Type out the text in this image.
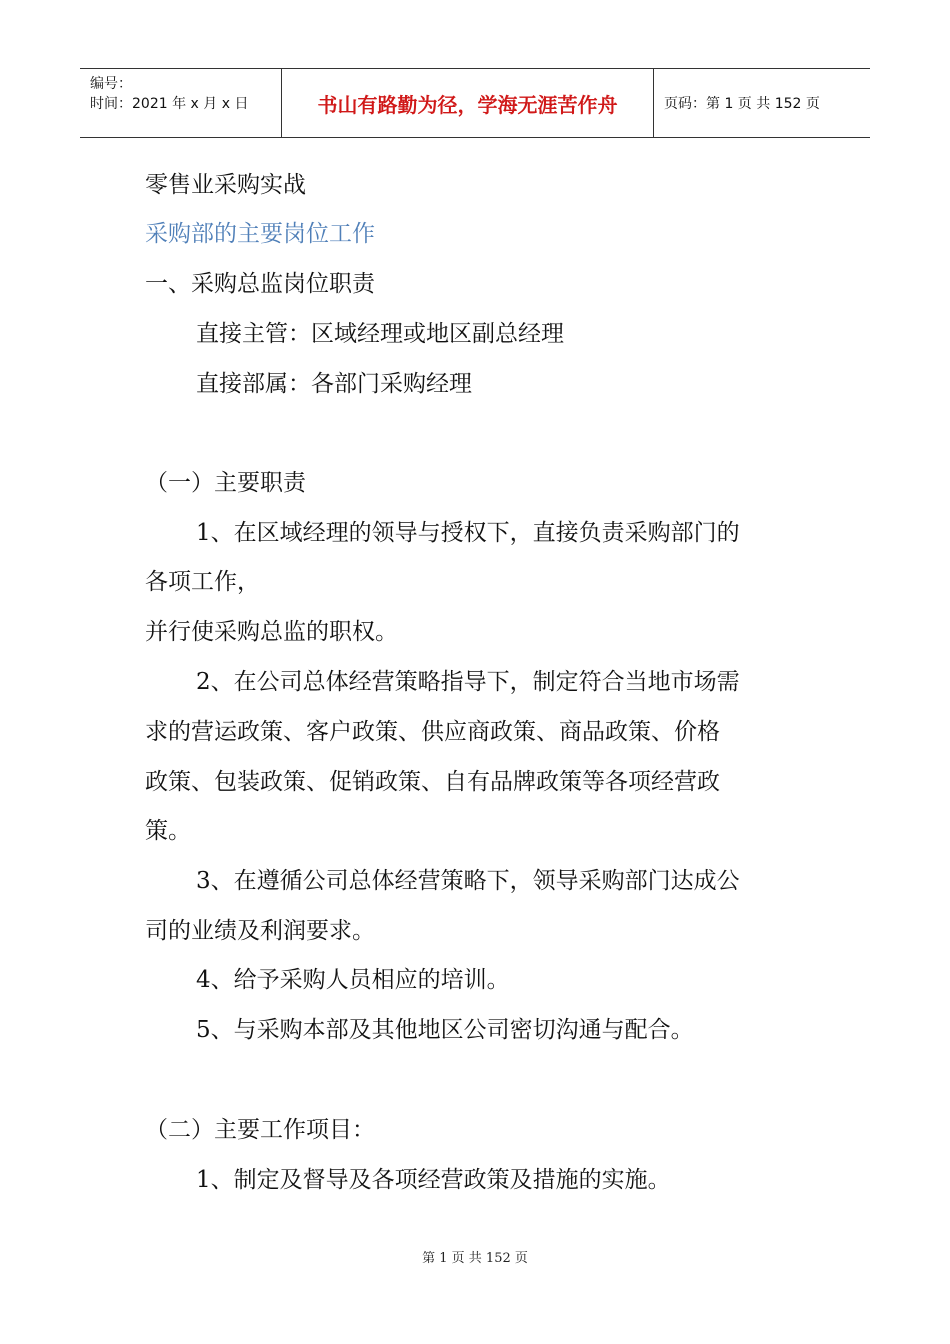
编号：
时间：2021 年 x 月 x 日	书山有路勤为径，学海无涯苦作舟	页码：第 1 页 共 152 页
零售业采购实战
采购部的主要岗位工作
一、采购总监岗位职责
直接主管：区域经理或地区副总经理
直接部属：各部门采购经理
（一）主要职责
1、在区域经理的领导与授权下，直接负责采购部门的
各项工作，
并行使采购总监的职权。
2、在公司总体经营策略指导下，制定符合当地市场需
求的营运政策、客户政策、供应商政策、商品政策、价格
政策、包装政策、促销政策、自有品牌政策等各项经营政
策。
3、在遵循公司总体经营策略下，领导采购部门达成公
司的业绩及利润要求。
4、给予采购人员相应的培训。
5、与采购本部及其他地区公司密切沟通与配合。
（二）主要工作项目：
1、制定及督导及各项经营政策及措施的实施。
第 1 页 共 152 页
